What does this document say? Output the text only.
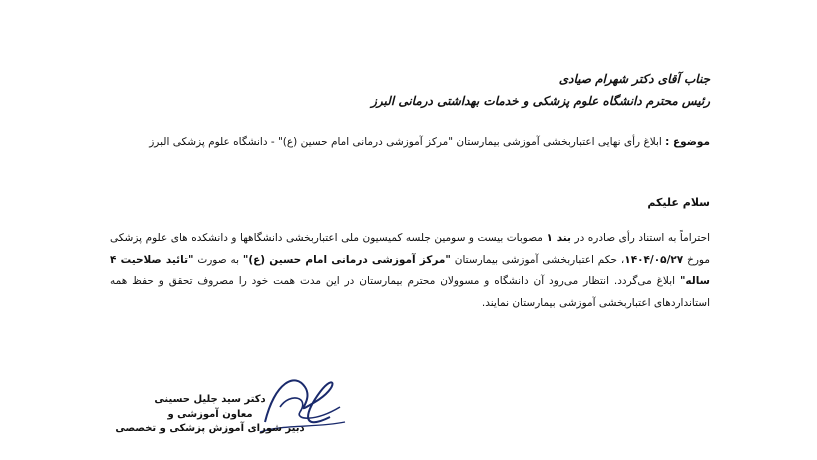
جناب آقای دکتر شهرام صیادی
رئیس محترم دانشگاه علوم پزشکی و خدمات بهداشتی درمانی البرز
موضوع : ابلاغ رأی نهایی اعتباربخشی آموزشی بیمارستان "مرکز آموزشی درمانی امام حسین (ع)" - دانشگاه علوم پزشکی البرز
سلام علیکم
احتراماً به استناد رأی صادره در بند ۱ مصوبات بیست و سومین جلسه کمیسیون ملی اعتباربخشی دانشگاهها و دانشکده های علوم پزشکی مورخ ۱۴۰۴/۰۵/۲۷، حکم اعتباربخشی آموزشی بیمارستان "مرکز آموزشی درمانی امام حسین (ع)" به صورت "تائید صلاحیت ۴ ساله" ابلاغ می‌گردد. انتظار می‌رود آن دانشگاه و مسوولان محترم بیمارستان در این مدت همت خود را مصروف تحقق و حفظ همه استانداردهای اعتباربخشی آموزشی بیمارستان نمایند.
دکتر سید جلیل حسینی
معاون آموزشی و
دبیر شورای آموزش پزشکی و تخصصی
